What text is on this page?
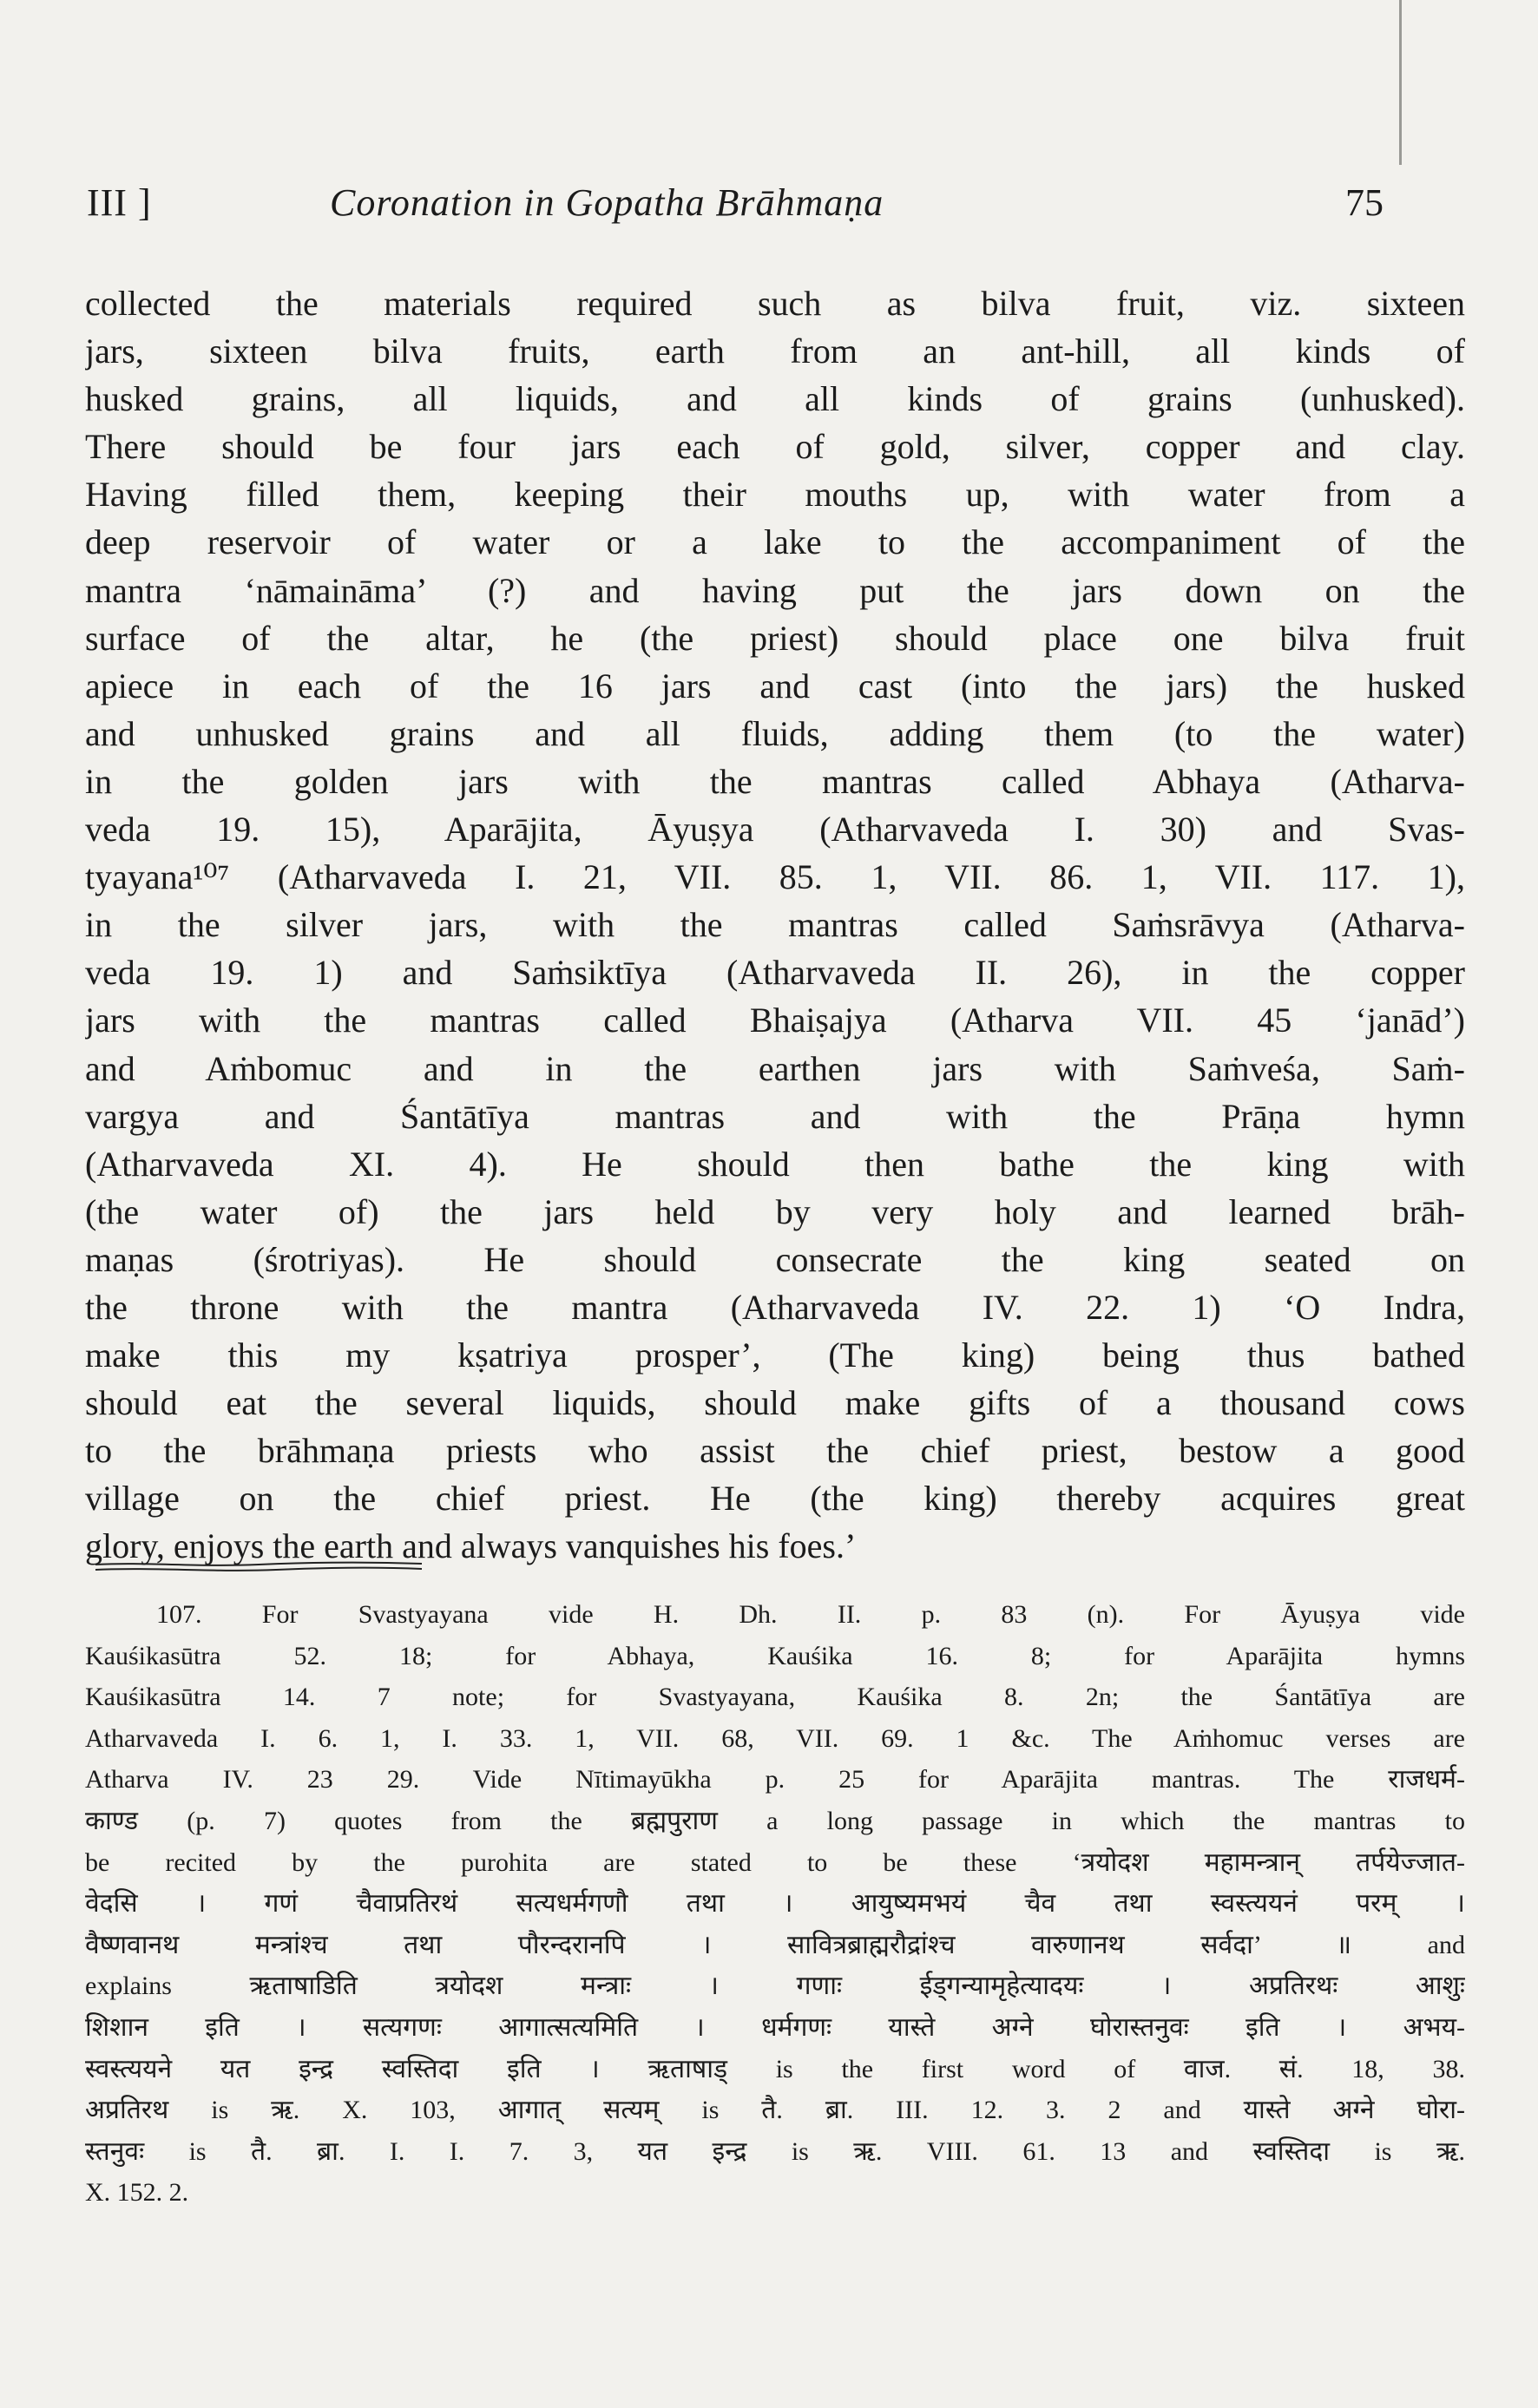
III ]	Coronation in Gopatha Brāhmaṇa	75
collected the materials required such as bilva fruit, viz. sixteen
jars, sixteen bilva fruits, earth from an ant-hill, all kinds of
husked grains, all liquids, and all kinds of grains (unhusked).
There should be four jars each of gold, silver, copper and clay.
Having filled them, keeping their mouths up, with water from a
deep reservoir of water or a lake to the accompaniment of the
mantra ‘nāmaināma’ (?) and having put the jars down on the
surface of the altar, he (the priest) should place one bilva fruit
apiece in each of the 16 jars and cast (into the jars) the husked
and unhusked grains and all fluids, adding them (to the water)
in the golden jars with the mantras called Abhaya (Atharva-
veda 19. 15), Aparājita, Āyuṣya (Atharvaveda I. 30) and Svas-
tyayana¹⁰⁷ (Atharvaveda I. 21, VII. 85. 1, VII. 86. 1, VII. 117. 1),
in the silver jars, with the mantras called Saṁsrāvya (Atharva-
veda 19. 1) and Saṁsiktīya (Atharvaveda II. 26), in the copper
jars with the mantras called Bhaiṣajya (Atharva VII. 45 ‘janād’)
and Aṁbomuc and in the earthen jars with Saṁveśa, Saṁ-
vargya and Śantātīya mantras and with the Prāṇa hymn
(Atharvaveda XI. 4). He should then bathe the king with
(the water of) the jars held by very holy and learned brāh-
maṇas (śrotriyas). He should consecrate the king seated on
the throne with the mantra (Atharvaveda IV. 22. 1) ‘O Indra,
make this my kṣatriya prosper’, (The king) being thus bathed
should eat the several liquids, should make gifts of a thousand cows
to the brāhmaṇa priests who assist the chief priest, bestow a good
village on the chief priest. He (the king) thereby acquires great
glory, enjoys the earth and always vanquishes his foes.’
107. For Svastyayana vide H. Dh. II. p. 83 (n). For Āyuṣya vide
Kauśikasūtra 52. 18; for Abhaya, Kauśika 16. 8; for Aparājita hymns
Kauśikasūtra 14. 7 note; for Svastyayana, Kauśika 8. 2n; the Śantātīya are
Atharvaveda I. 6. 1, I. 33. 1, VII. 68, VII. 69. 1 &c. The Aṁhomuc verses are
Atharva IV. 23 29. Vide Nītimayūkha p. 25 for Aparājita mantras. The राजधर्म-
काण्ड (p. 7) quotes from the ब्रह्मपुराण a long passage in which the mantras to
be recited by the purohita are stated to be these ‘त्रयोदश महामन्त्रान् तर्पयेज्जात-
वेदसि । गणं चैवाप्रतिरथं सत्यधर्मगणौ तथा । आयुष्यमभयं चैव तथा स्वस्त्ययनं परम् ।
वैष्णवानथ मन्त्रांश्च तथा पौरन्दरानपि । सावित्रब्राह्मरौद्रांश्च वारुणानथ सर्वदा’ ॥ and
explains ऋताषाडिति त्रयोदश मन्त्राः । गणाः ईड्गन्यामृहेत्यादयः । अप्रतिरथः आशुः
शिशान इति । सत्यगणः आगात्सत्यमिति । धर्मगणः यास्ते अग्ने घोरास्तनुवः इति । अभय-
स्वस्त्ययने यत इन्द्र स्वस्तिदा इति । ऋताषाड् is the first word of वाज. सं. 18, 38.
अप्रतिरथ is ऋ. X. 103, आगात् सत्यम् is तै. ब्रा. III. 12. 3. 2 and यास्ते अग्ने घोरा-
स्तनुवः is तै. ब्रा. I. I. 7. 3, यत इन्द्र is ऋ. VIII. 61. 13 and स्वस्तिदा is ऋ.
X. 152. 2.
